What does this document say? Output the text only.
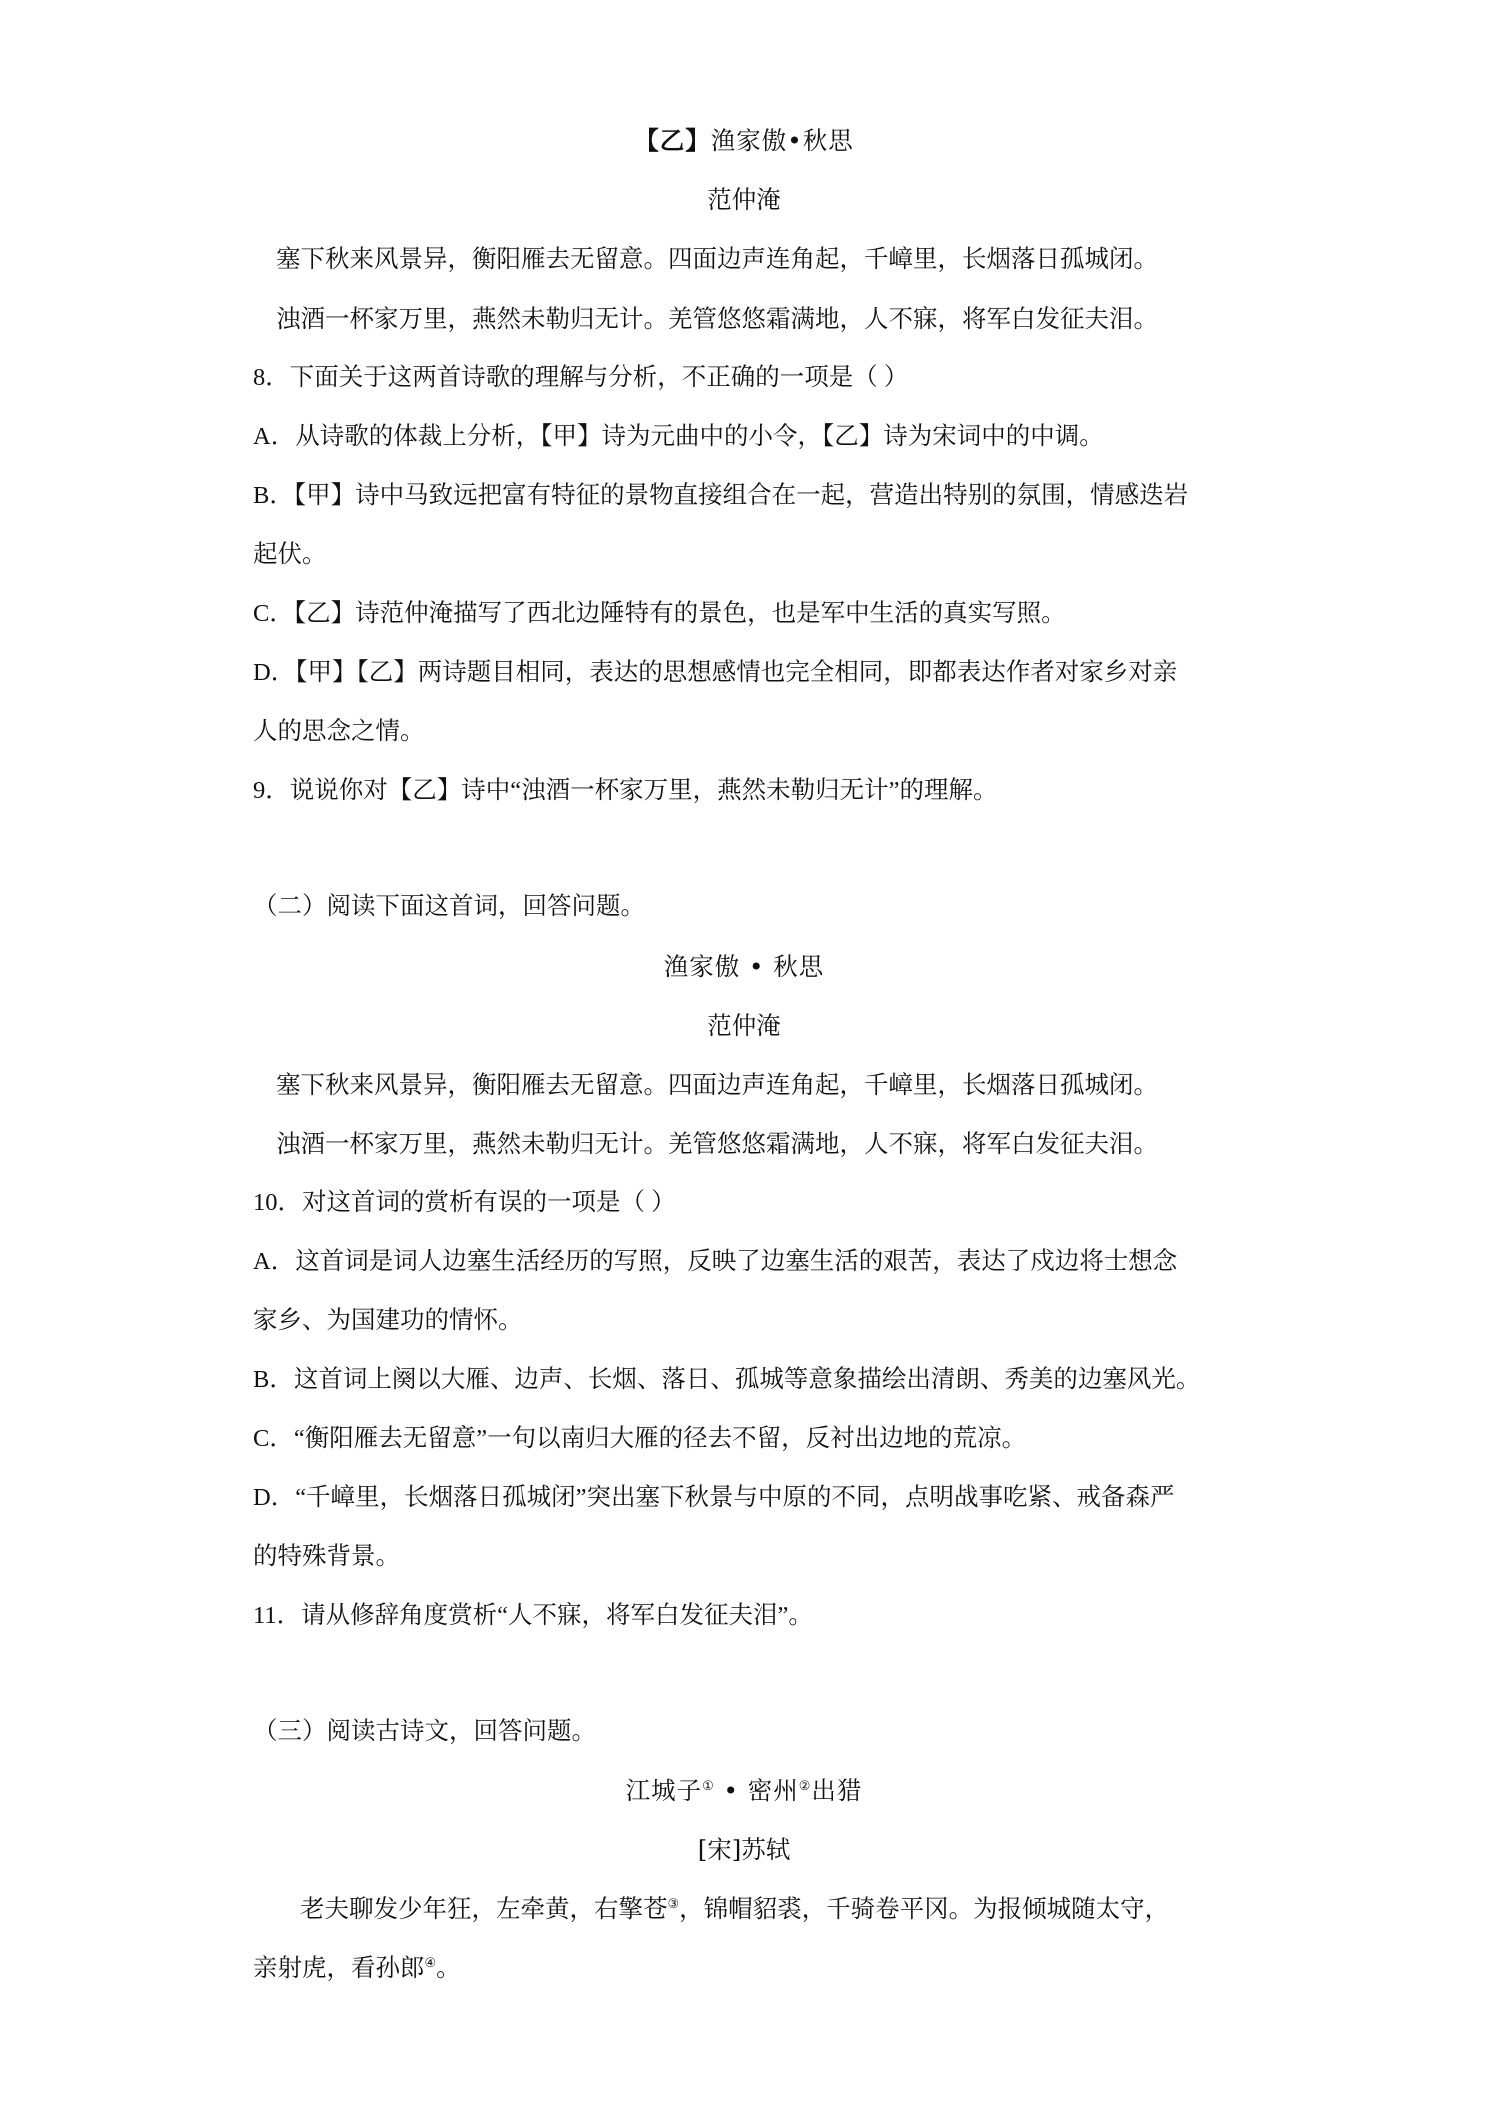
【乙】渔家傲•秋思
范仲淹
塞下秋来风景异，衡阳雁去无留意。四面边声连角起，千嶂里，长烟落日孤城闭。
浊酒一杯家万里，燕然未勒归无计。羌管悠悠霜满地，人不寐，将军白发征夫泪。
8．下面关于这两首诗歌的理解与分析，不正确的一项是（ ）
A．从诗歌的体裁上分析，【甲】诗为元曲中的小令，【乙】诗为宋词中的中调。
B．【甲】诗中马致远把富有特征的景物直接组合在一起，营造出特别的氛围，情感迭岩
起伏。
C．【乙】诗范仲淹描写了西北边陲特有的景色，也是军中生活的真实写照。
D．【甲】【乙】两诗题目相同，表达的思想感情也完全相同，即都表达作者对家乡对亲
人的思念之情。
9．说说你对【乙】诗中“浊酒一杯家万里，燕然未勒归无计”的理解。
（二）阅读下面这首词，回答问题。
渔家傲 • 秋思
范仲淹
塞下秋来风景异，衡阳雁去无留意。四面边声连角起，千嶂里，长烟落日孤城闭。
浊酒一杯家万里，燕然未勒归无计。羌管悠悠霜满地，人不寐，将军白发征夫泪。
10．对这首词的赏析有误的一项是（ ）
A．这首词是词人边塞生活经历的写照，反映了边塞生活的艰苦，表达了戍边将士想念
家乡、为国建功的情怀。
B．这首词上阕以大雁、边声、长烟、落日、孤城等意象描绘出清朗、秀美的边塞风光。
C．“衡阳雁去无留意”一句以南归大雁的径去不留，反衬出边地的荒凉。
D．“千嶂里，长烟落日孤城闭”突出塞下秋景与中原的不同，点明战事吃紧、戒备森严
的特殊背景。
11．请从修辞角度赏析“人不寐，将军白发征夫泪”。
（三）阅读古诗文，回答问题。
江城子① • 密州②出猎
[宋]苏轼
老夫聊发少年狂，左牵黄，右擎苍③，锦帽貂裘，千骑卷平冈。为报倾城随太守，
亲射虎，看孙郎④。
